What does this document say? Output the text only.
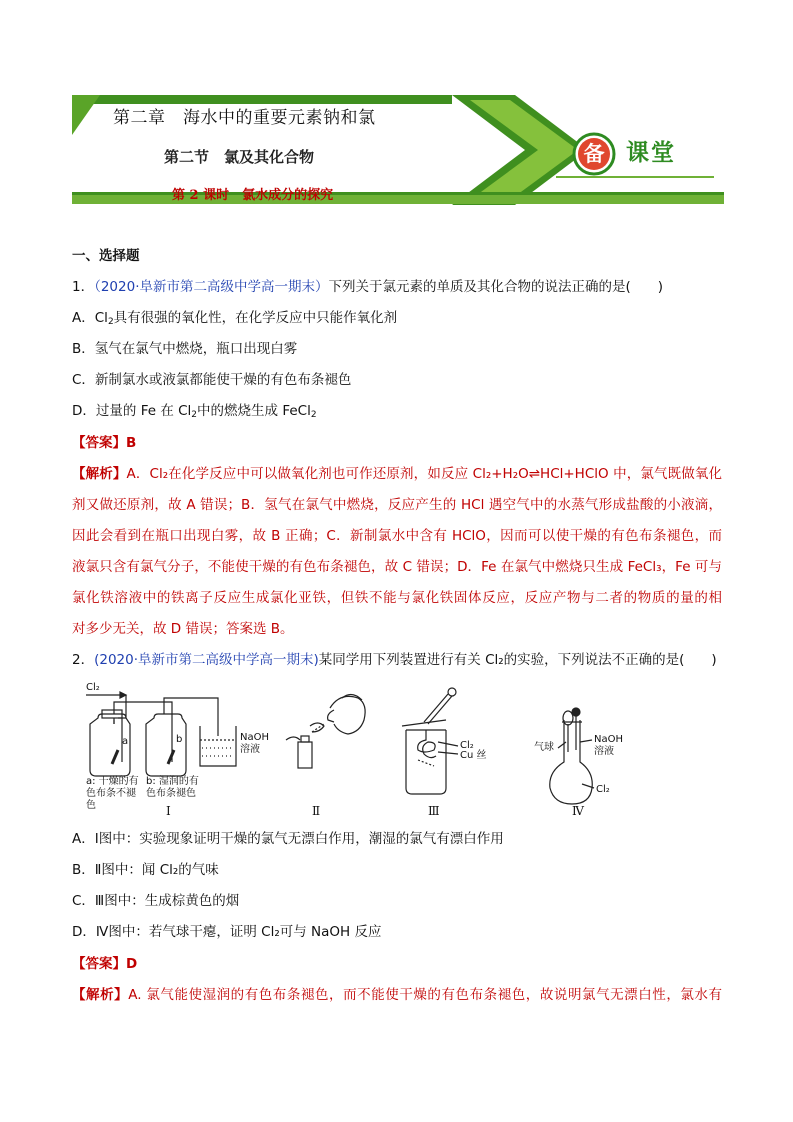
第二章　海水中的重要元素钠和氯
第二节　氯及其化合物
第 2 课时　氯水成分的探究
备 课堂
一、选择题
1．（2020·阜新市第二高级中学高一期末）下列关于氯元素的单质及其化合物的说法正确的是(　　)
A．$Cl_2$具有很强的氧化性，在化学反应中只能作氧化剂
B．氢气在氯气中燃烧，瓶口出现白雾
C．新制氯水或液氯都能使干燥的有色布条褪色
D．过量的 Fe 在 $Cl_2$中的燃烧生成 FeCl$_2$
【答案】B
【解析】A．Cl₂在化学反应中可以做氧化剂也可作还原剂，如反应 Cl₂+H₂O⇌HCl+HClO 中，氯气既做氧化
剂又做还原剂，故 A 错误；B．氢气在氯气中燃烧，反应产生的 HCl 遇空气中的水蒸气形成盐酸的小液滴，
因此会看到在瓶口出现白雾，故 B 正确；C．新制氯水中含有 HClO，因而可以使干燥的有色布条褪色，而
液氯只含有氯气分子，不能使干燥的有色布条褪色，故 C 错误；D．Fe 在氯气中燃烧只生成 FeCl₃，Fe 可与
氯化铁溶液中的铁离子反应生成氯化亚铁，但铁不能与氯化铁固体反应，反应产物与二者的物质的量的相
对多少无关，故 D 错误；答案选 B。
2．(2020·阜新市第二高级中学高一期末)某同学用下列装置进行有关 Cl₂的实验，下列说法不正确的是(　　)
Cl₂
a	b	NaOH
溶液
a: 干燥的有
色布条不褪
色
b: 湿润的有
色布条褪色
Ⅰ	Ⅱ
Cl₂
Cu 丝
Ⅲ
NaOH
溶液
气球
Cl₂
Ⅳ
A．Ⅰ图中：实验现象证明干燥的氯气无漂白作用，潮湿的氯气有漂白作用
B．Ⅱ图中：闻 Cl₂的气味
C．Ⅲ图中：生成棕黄色的烟
D．Ⅳ图中：若气球干瘪，证明 Cl₂可与 NaOH 反应
【答案】D
【解析】A. 氯气能使湿润的有色布条褪色，而不能使干燥的有色布条褪色，故说明氯气无漂白性，氯水有
